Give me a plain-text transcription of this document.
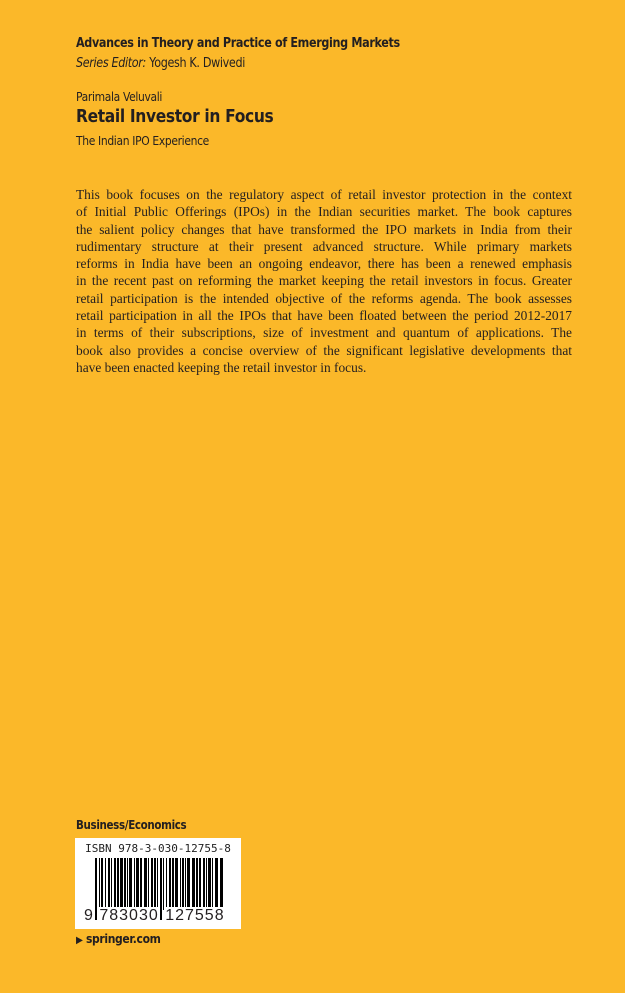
Advances in Theory and Practice of Emerging Markets
Series Editor: Yogesh K. Dwivedi
Parimala Veluvali
Retail Investor in Focus
The Indian IPO Experience
This book focuses on the regulatory aspect of retail investor protection in the context
of Initial Public Offerings (IPOs) in the Indian securities market. The book captures
the salient policy changes that have transformed the IPO markets in India from their
rudimentary structure at their present advanced structure. While primary markets
reforms in India have been an ongoing endeavor, there has been a renewed emphasis
in the recent past on reforming the market keeping the retail investors in focus. Greater
retail participation is the intended objective of the reforms agenda. The book assesses
retail participation in all the IPOs that have been floated between the period 2012-2017
in terms of their subscriptions, size of investment and quantum of applications. The
book also provides a concise overview of the significant legislative developments that
have been enacted keeping the retail investor in focus.
Business/Economics
ISBN 978-3-030-12755-8
9 783030 127558
▶ springer.com
